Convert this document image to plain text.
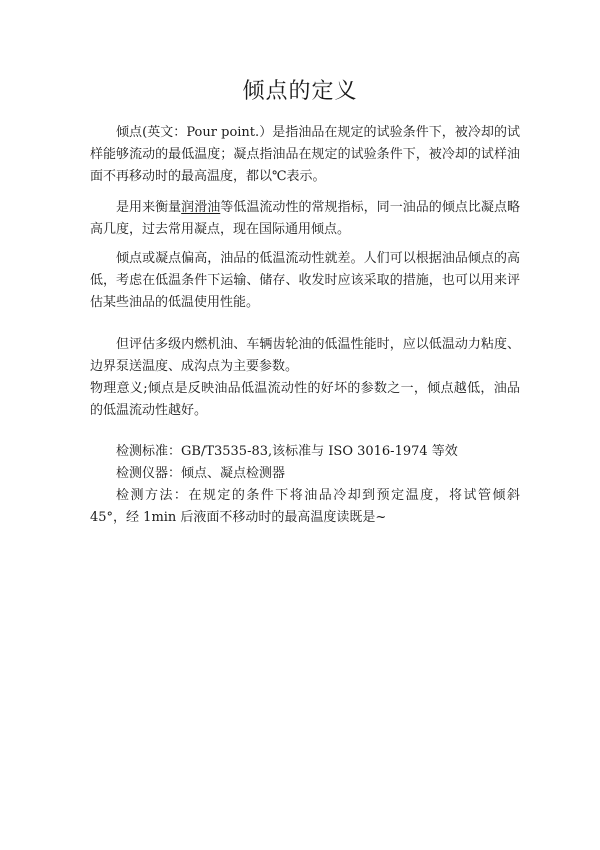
倾点的定义

倾点(英文：Pour point.）是指油品在规定的试验条件下，被冷却的试样能够流动的最低温度；凝点指油品在规定的试验条件下，被冷却的试样油面不再移动时的最高温度，都以℃表示。

是用来衡量润滑油等低温流动性的常规指标，同一油品的倾点比凝点略高几度，过去常用凝点，现在国际通用倾点。

倾点或凝点偏高，油品的低温流动性就差。人们可以根据油品倾点的高低，考虑在低温条件下运输、储存、收发时应该采取的措施，也可以用来评估某些油品的低温使用性能。

但评估多级内燃机油、车辆齿轮油的低温性能时，应以低温动力粘度、边界泵送温度、成沟点为主要参数。

物理意义;倾点是反映油品低温流动性的好坏的参数之一，倾点越低，油品的低温流动性越好。

检测标准：GB/T3535-83,该标准与 ISO 3016-1974 等效
检测仪器：倾点、凝点检测器
检测方法：在规定的条件下将油品冷却到预定温度，将试管倾斜 45°，经 1min 后液面不移动时的最高温度读既是~
